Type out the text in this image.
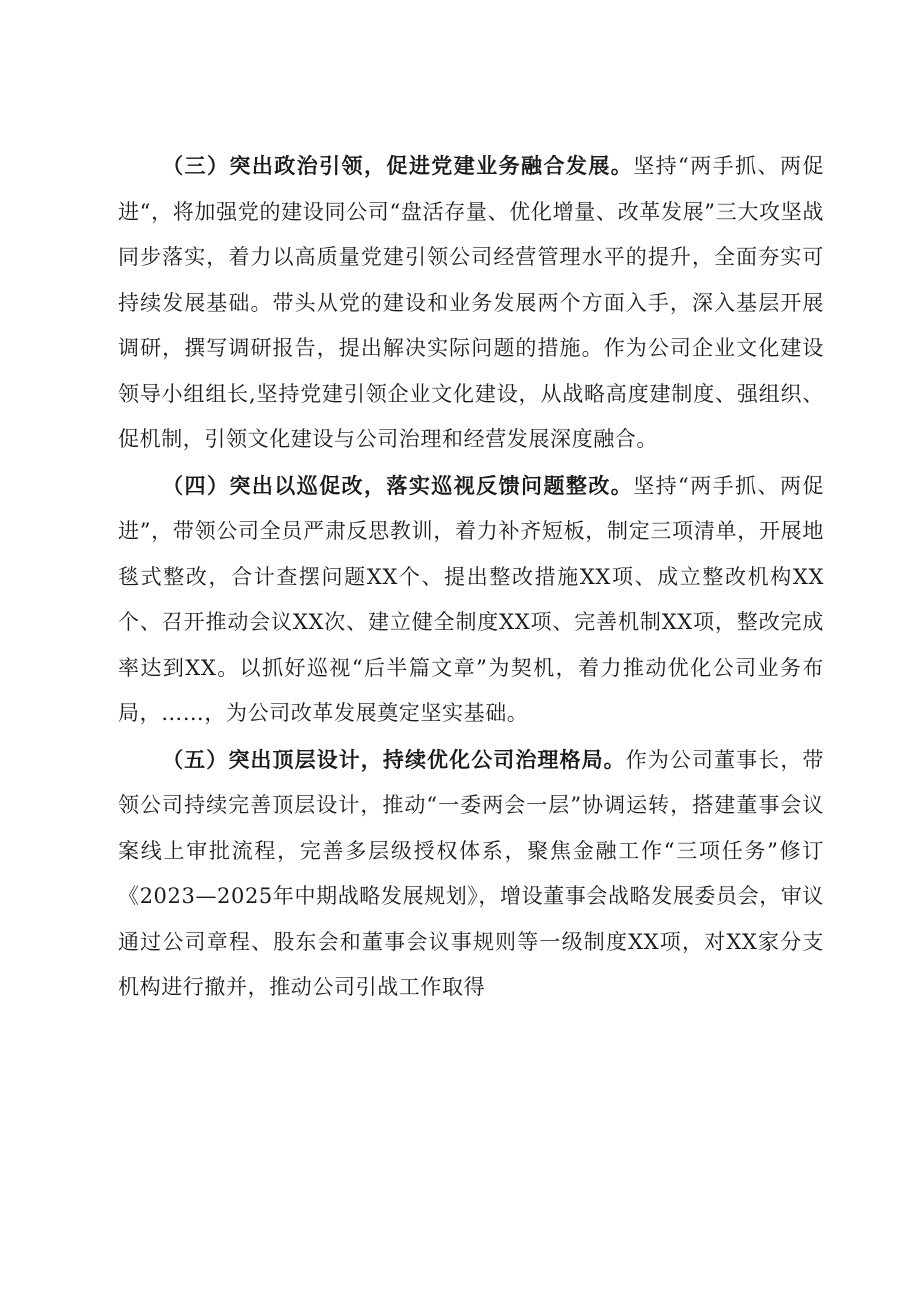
（三）突出政治引领，促进党建业务融合发展。坚持“两手抓、两促进“，将加强党的建设同公司“盘活存量、优化增量、改革发展”三大攻坚战同步落实，着力以高质量党建引领公司经营管理水平的提升，全面夯实可持续发展基础。带头从党的建设和业务发展两个方面入手，深入基层开展调研，撰写调研报告，提出解决实际问题的措施。作为公司企业文化建设领导小组组长,坚持党建引领企业文化建设，从战略高度建制度、强组织、促机制，引领文化建设与公司治理和经营发展深度融合。

（四）突出以巡促改，落实巡视反馈问题整改。坚持“两手抓、两促进”，带领公司全员严肃反思教训，着力补齐短板，制定三项清单，开展地毯式整改，合计查摆问题XX个、提出整改措施XX项、成立整改机构XX个、召开推动会议XX次、建立健全制度XX项、完善机制XX项，整改完成率达到XX。以抓好巡视“后半篇文章”为契机，着力推动优化公司业务布局，……，为公司改革发展奠定坚实基础。

（五）突出顶层设计，持续优化公司治理格局。作为公司董事长，带领公司持续完善顶层设计，推动“一委两会一层”协调运转，搭建董事会议案线上审批流程，完善多层级授权体系，聚焦金融工作“三项任务”修订《2023—2025年中期战略发展规划》，增设董事会战略发展委员会，审议通过公司章程、股东会和董事会议事规则等一级制度XX项，对XX家分支机构进行撤并，推动公司引战工作取得
